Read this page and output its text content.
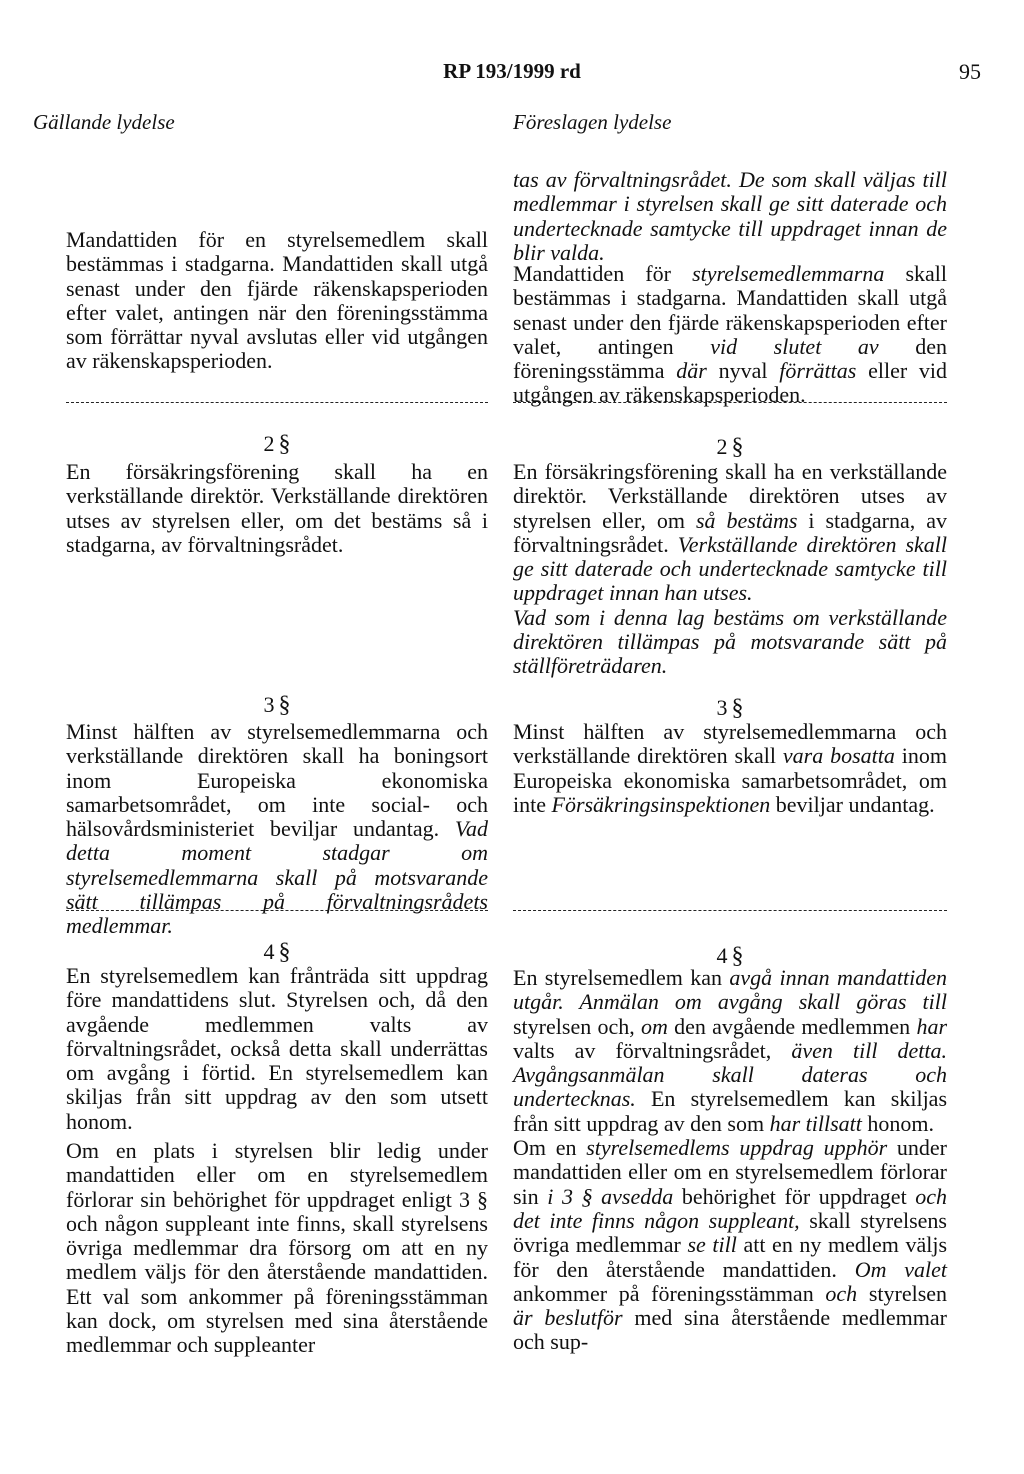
RP 193/1999 rd	95
Gällande lydelse	Föreslagen lydelse

Mandattiden för en styrelsemedlem skall bestämmas i stadgarna. Mandattiden skall utgå senast under den fjärde räkenskapsperioden efter valet, antingen när den föreningsstämma som förrättar nyval avslutas eller vid utgången av räkenskapsperioden.

2 §

En försäkringsförening skall ha en verkställande direktör. Verkställande direktören utses av styrelsen eller, om det bestäms så i stadgarna, av förvaltningsrådet.

3 §

Minst hälften av styrelsemedlemmarna och verkställande direktören skall ha boningsort inom Europeiska ekonomiska samarbetsområdet, om inte social- och hälsovårdsministeriet beviljar undantag. Vad detta moment stadgar om styrelsemedlemmarna skall på motsvarande sätt tillämpas på förvaltningsrådets medlemmar.

4 §

En styrelsemedlem kan frånträda sitt uppdrag före mandattidens slut. Styrelsen och, då den avgående medlemmen valts av förvaltningsrådet, också detta skall underrättas om avgång i förtid. En styrelsemedlem kan skiljas från sitt uppdrag av den som utsett honom.

Om en plats i styrelsen blir ledig under mandattiden eller om en styrelsemedlem förlorar sin behörighet för uppdraget enligt 3 § och någon suppleant inte finns, skall styrelsens övriga medlemmar dra försorg om att en ny medlem väljs för den återstående mandattiden. Ett val som ankommer på föreningsstämman kan dock, om styrelsen med sina återstående medlemmar och suppleanter

tas av förvaltningsrådet. De som skall väljas till medlemmar i styrelsen skall ge sitt daterade och undertecknade samtycke till uppdraget innan de blir valda.

Mandattiden för styrelsemedlemmarna skall bestämmas i stadgarna. Mandattiden skall utgå senast under den fjärde räkenskapsperioden efter valet, antingen vid slutet av den föreningsstämma där nyval förrättas eller vid utgången av räkenskapsperioden.

2 §

En försäkringsförening skall ha en verkställande direktör. Verkställande direktören utses av styrelsen eller, om så bestäms i stadgarna, av förvaltningsrådet. Verkställande direktören skall ge sitt daterade och undertecknade samtycke till uppdraget innan han utses.

Vad som i denna lag bestäms om verkställande direktören tillämpas på motsvarande sätt på ställföreträdaren.

3 §

Minst hälften av styrelsemedlemmarna och verkställande direktören skall vara bosatta inom Europeiska ekonomiska samarbetsområdet, om inte Försäkringsinspektionen beviljar undantag.

4 §

En styrelsemedlem kan avgå innan mandattiden utgår. Anmälan om avgång skall göras till styrelsen och, om den avgående medlemmen har valts av förvaltningsrådet, även till detta. Avgångsanmälan skall dateras och undertecknas. En styrelsemedlem kan skiljas från sitt uppdrag av den som har tillsatt honom.

Om en styrelsemedlems uppdrag upphör under mandattiden eller om en styrelsemedlem förlorar sin i 3 § avsedda behörighet för uppdraget och det inte finns någon suppleant, skall styrelsens övriga medlemmar se till att en ny medlem väljs för den återstående mandattiden. Om valet ankommer på föreningsstämman och styrelsen är beslutför med sina återstående medlemmar och sup-
